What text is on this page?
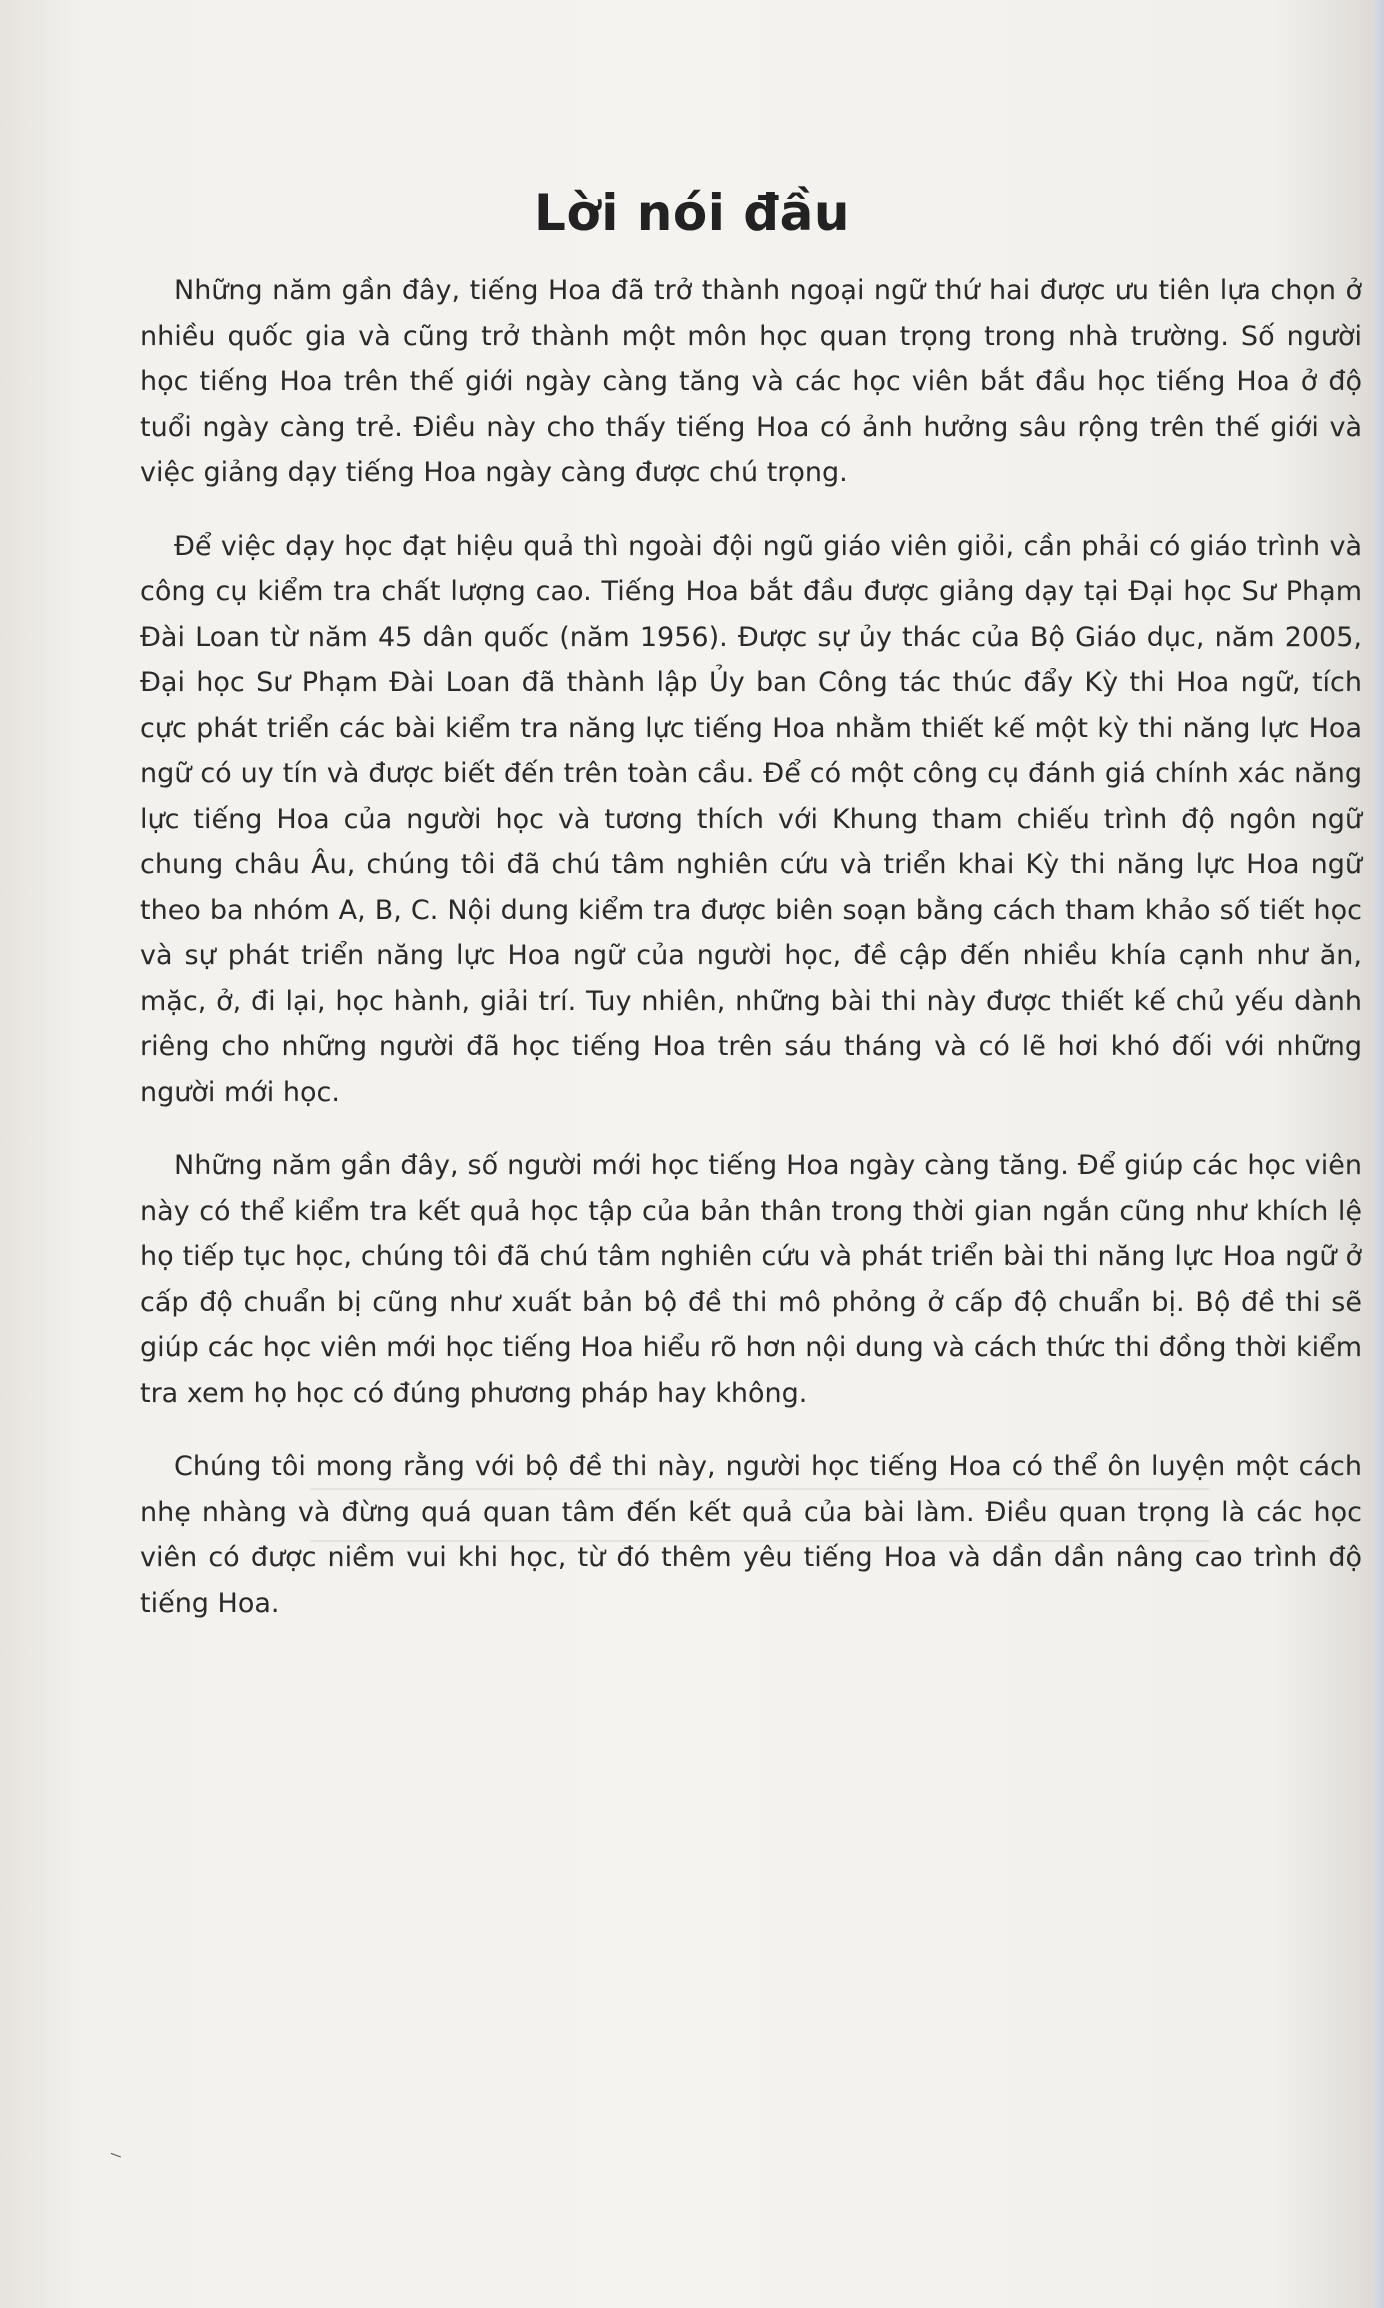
Lời nói đầu

Những năm gần đây, tiếng Hoa đã trở thành ngoại ngữ thứ hai được ưu tiên lựa chọn ở nhiều quốc gia và cũng trở thành một môn học quan trọng trong nhà trường. Số người học tiếng Hoa trên thế giới ngày càng tăng và các học viên bắt đầu học tiếng Hoa ở độ tuổi ngày càng trẻ. Điều này cho thấy tiếng Hoa có ảnh hưởng sâu rộng trên thế giới và việc giảng dạy tiếng Hoa ngày càng được chú trọng.

Để việc dạy học đạt hiệu quả thì ngoài đội ngũ giáo viên giỏi, cần phải có giáo trình và công cụ kiểm tra chất lượng cao. Tiếng Hoa bắt đầu được giảng dạy tại Đại học Sư Phạm Đài Loan từ năm 45 dân quốc (năm 1956). Được sự ủy thác của Bộ Giáo dục, năm 2005, Đại học Sư Phạm Đài Loan đã thành lập Ủy ban Công tác thúc đẩy Kỳ thi Hoa ngữ, tích cực phát triển các bài kiểm tra năng lực tiếng Hoa nhằm thiết kế một kỳ thi năng lực Hoa ngữ có uy tín và được biết đến trên toàn cầu. Để có một công cụ đánh giá chính xác năng lực tiếng Hoa của người học và tương thích với Khung tham chiếu trình độ ngôn ngữ chung châu Âu, chúng tôi đã chú tâm nghiên cứu và triển khai Kỳ thi năng lực Hoa ngữ theo ba nhóm A, B, C. Nội dung kiểm tra được biên soạn bằng cách tham khảo số tiết học và sự phát triển năng lực Hoa ngữ của người học, đề cập đến nhiều khía cạnh như ăn, mặc, ở, đi lại, học hành, giải trí. Tuy nhiên, những bài thi này được thiết kế chủ yếu dành riêng cho những người đã học tiếng Hoa trên sáu tháng và có lẽ hơi khó đối với những người mới học.

Những năm gần đây, số người mới học tiếng Hoa ngày càng tăng. Để giúp các học viên này có thể kiểm tra kết quả học tập của bản thân trong thời gian ngắn cũng như khích lệ họ tiếp tục học, chúng tôi đã chú tâm nghiên cứu và phát triển bài thi năng lực Hoa ngữ ở cấp độ chuẩn bị cũng như xuất bản bộ đề thi mô phỏng ở cấp độ chuẩn bị. Bộ đề thi sẽ giúp các học viên mới học tiếng Hoa hiểu rõ hơn nội dung và cách thức thi đồng thời kiểm tra xem họ học có đúng phương pháp hay không.

Chúng tôi mong rằng với bộ đề thi này, người học tiếng Hoa có thể ôn luyện một cách nhẹ nhàng và đừng quá quan tâm đến kết quả của bài làm. Điều quan trọng là các học viên có được niềm vui khi học, từ đó thêm yêu tiếng Hoa và dần dần nâng cao trình độ tiếng Hoa.

⸜
